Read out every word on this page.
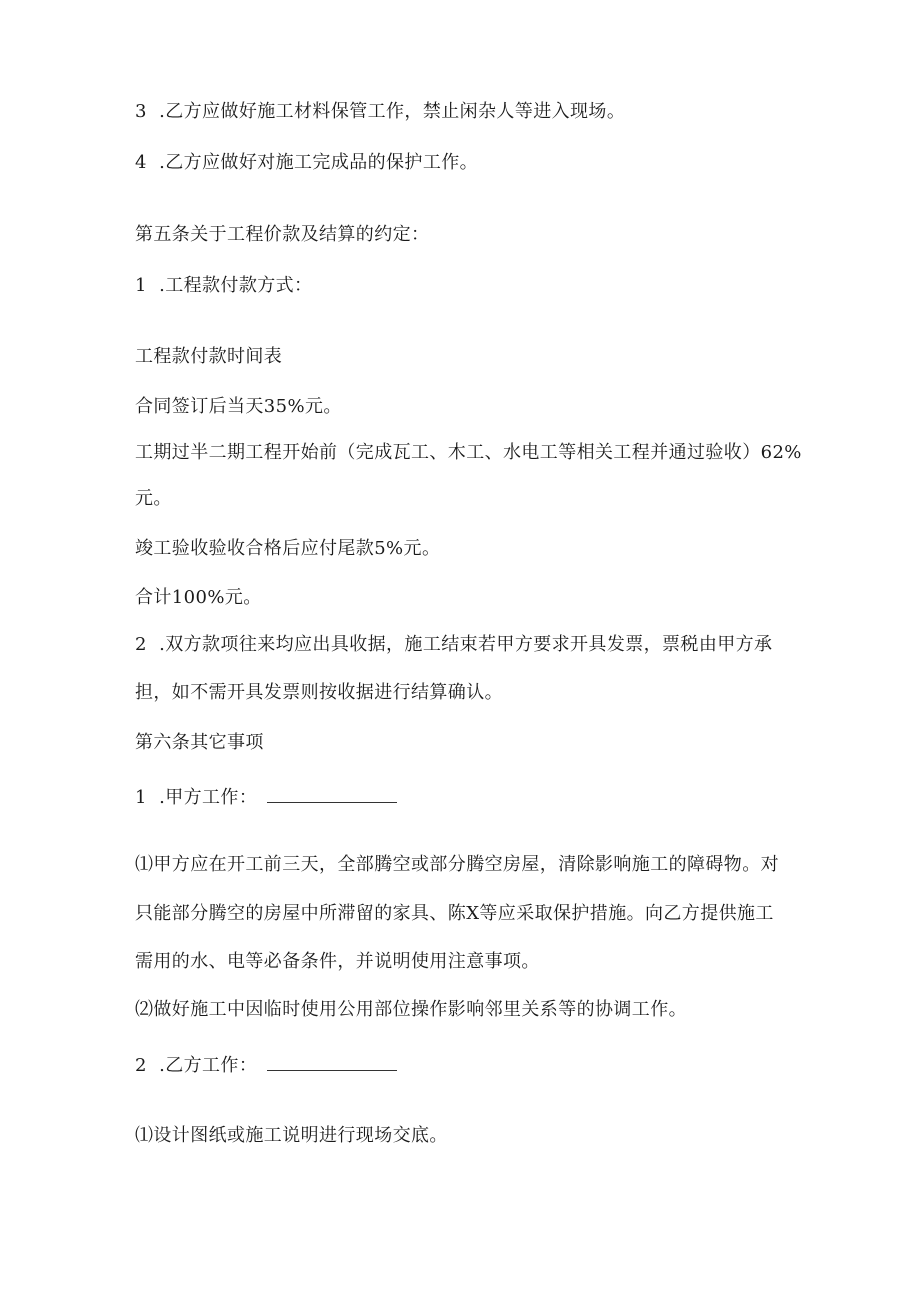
3  .乙方应做好施工材料保管工作，禁止闲杂人等进入现场。
4  .乙方应做好对施工完成品的保护工作。
第五条关于工程价款及结算的约定：
1  .工程款付款方式：
工程款付款时间表
合同签订后当天35%元。
工期过半二期工程开始前（完成瓦工、木工、水电工等相关工程并通过验收）62%
元。
竣工验收验收合格后应付尾款5%元。
合计100%元。
2  .双方款项往来均应出具收据，施工结束若甲方要求开具发票，票税由甲方承
担，如不需开具发票则按收据进行结算确认。
第六条其它事项
1  .甲方工作：
⑴甲方应在开工前三天，全部腾空或部分腾空房屋，清除影响施工的障碍物。对
只能部分腾空的房屋中所滞留的家具、陈X等应采取保护措施。向乙方提供施工
需用的水、电等必备条件，并说明使用注意事项。
⑵做好施工中因临时使用公用部位操作影响邻里关系等的协调工作。
2  .乙方工作：
⑴设计图纸或施工说明进行现场交底。
